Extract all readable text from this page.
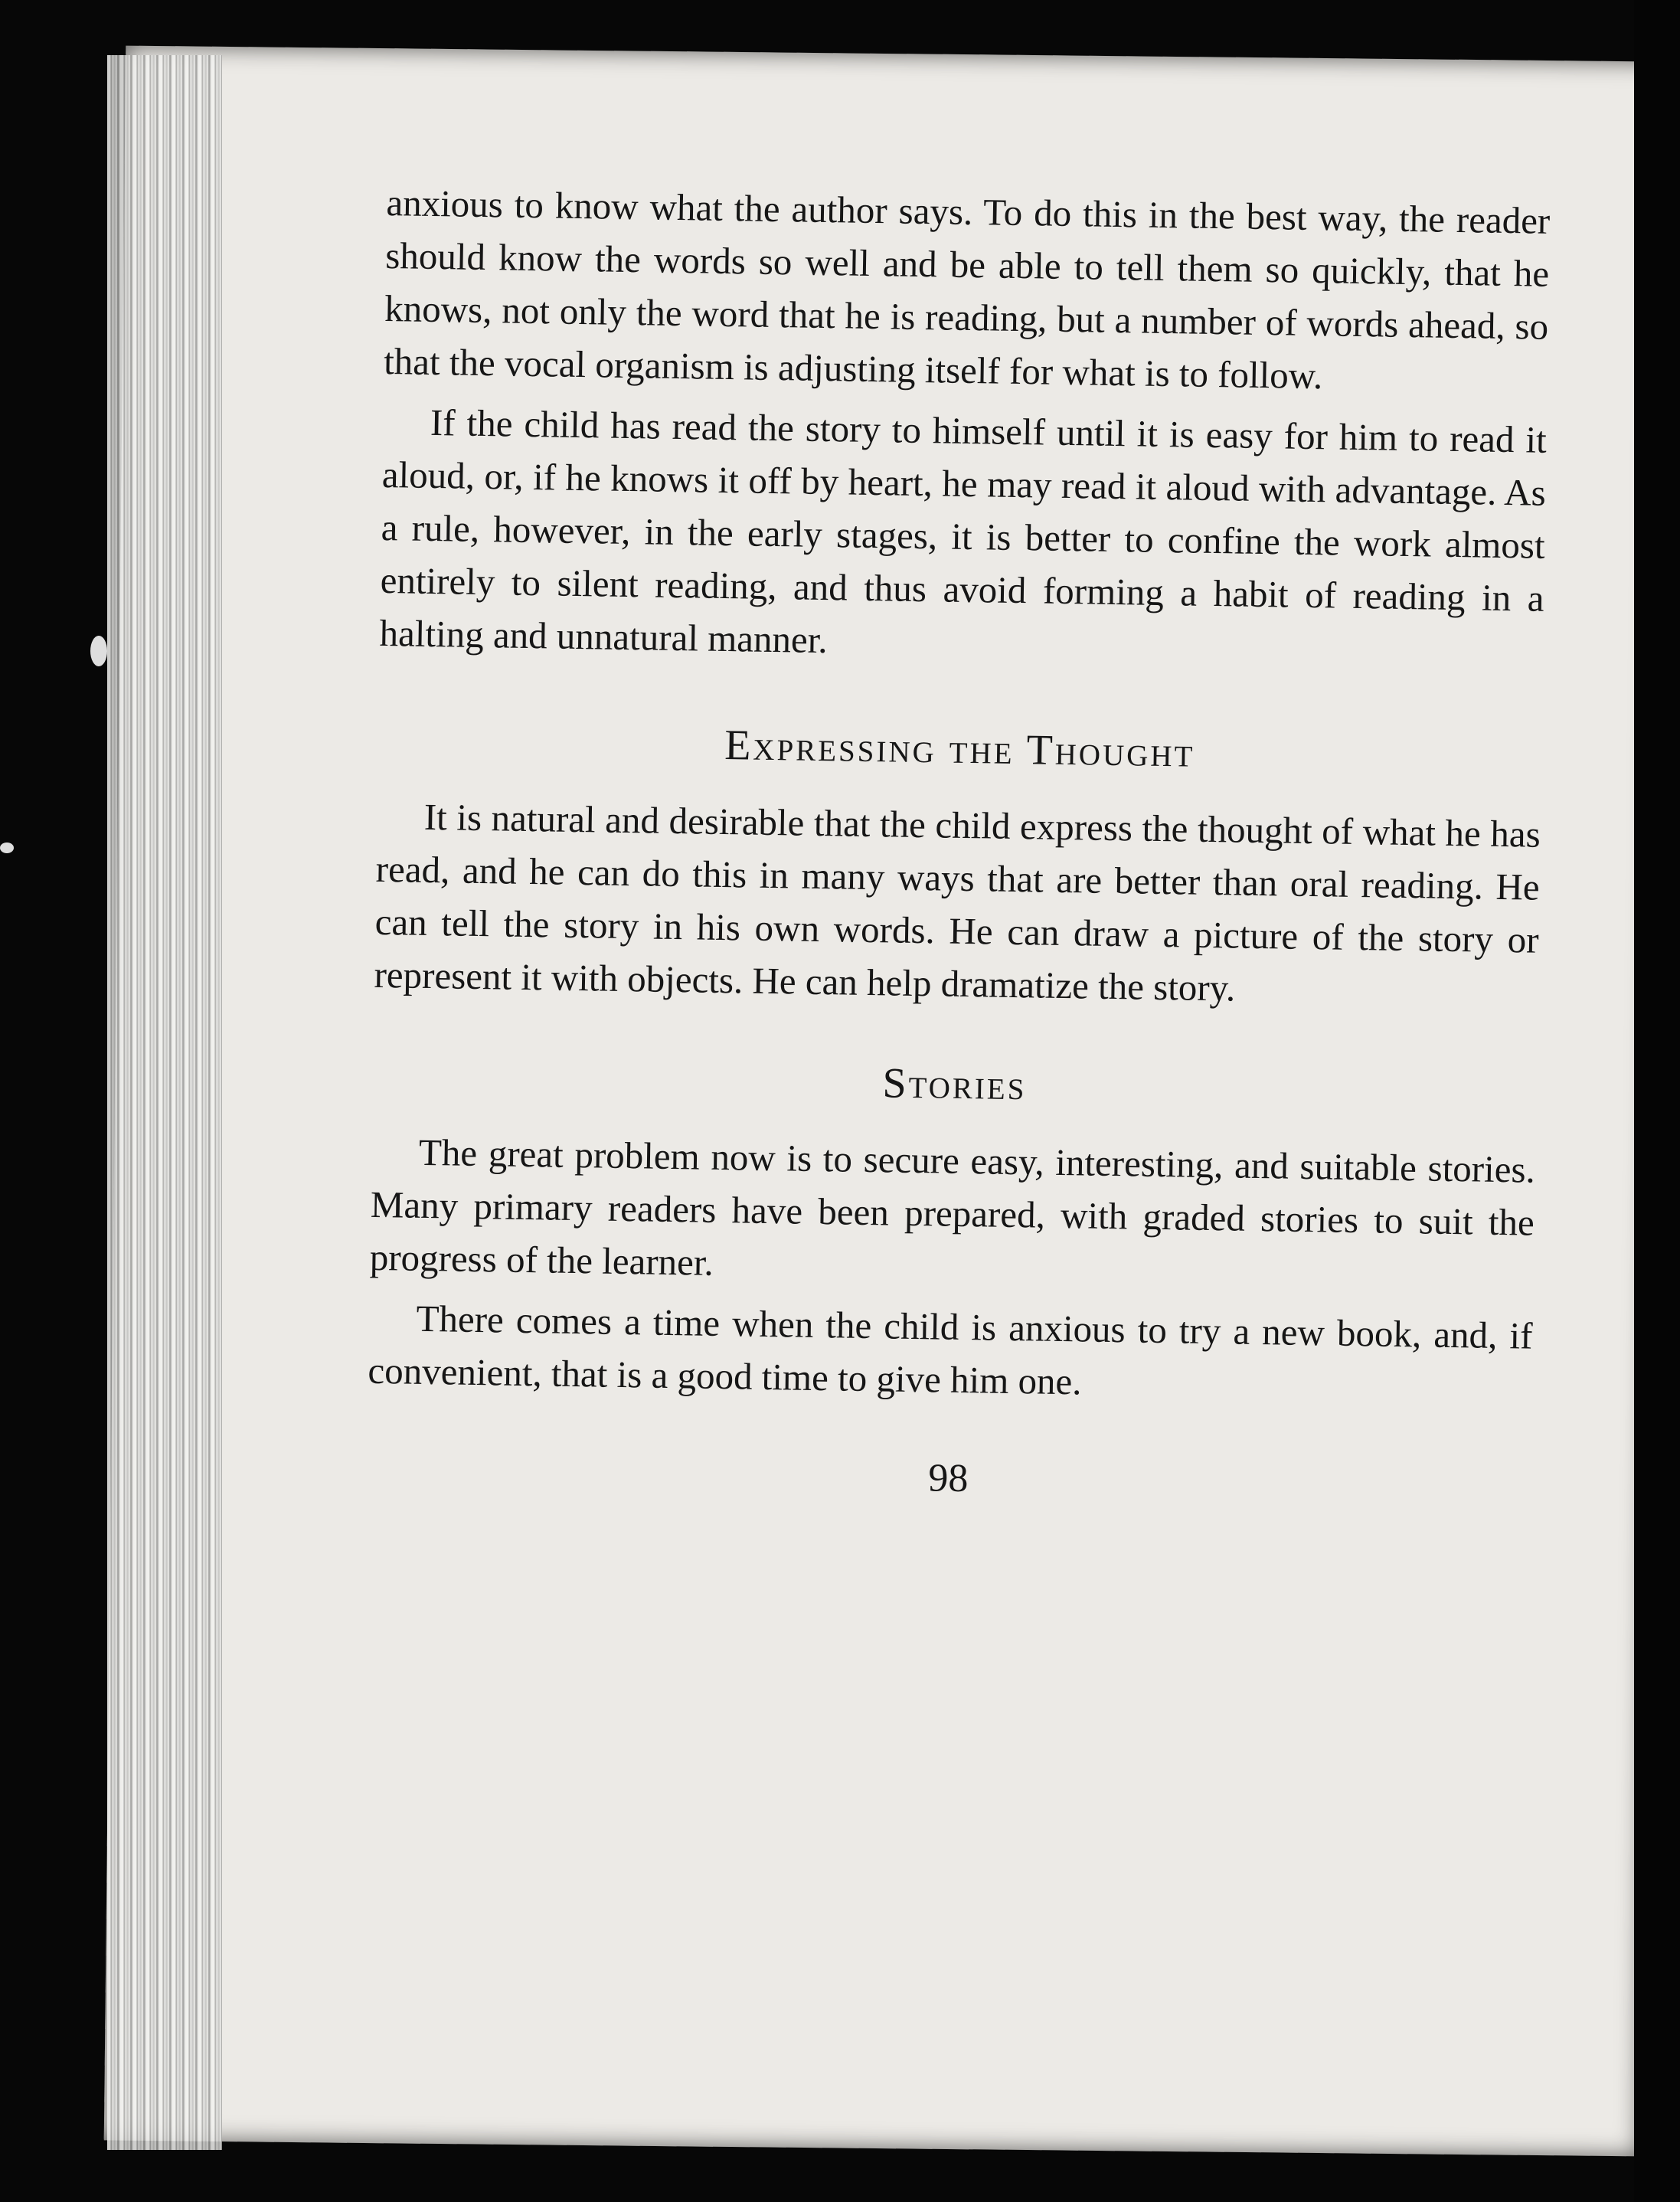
anxious to know what the author says. To do this in the best way, the reader should know the words so well and be able to tell them so quickly, that he knows, not only the word that he is reading, but a number of words ahead, so that the vocal organism is adjusting itself for what is to follow.

If the child has read the story to himself until it is easy for him to read it aloud, or, if he knows it off by heart, he may read it aloud with advantage. As a rule, however, in the early stages, it is better to confine the work almost entirely to silent reading, and thus avoid forming a habit of reading in a halting and unnatural manner.

Expressing the Thought

It is natural and desirable that the child express the thought of what he has read, and he can do this in many ways that are better than oral reading. He can tell the story in his own words. He can draw a picture of the story or represent it with objects. He can help dramatize the story.

Stories

The great problem now is to secure easy, interesting, and suitable stories. Many primary readers have been prepared, with graded stories to suit the progress of the learner.

There comes a time when the child is anxious to try a new book, and, if convenient, that is a good time to give him one.

98
